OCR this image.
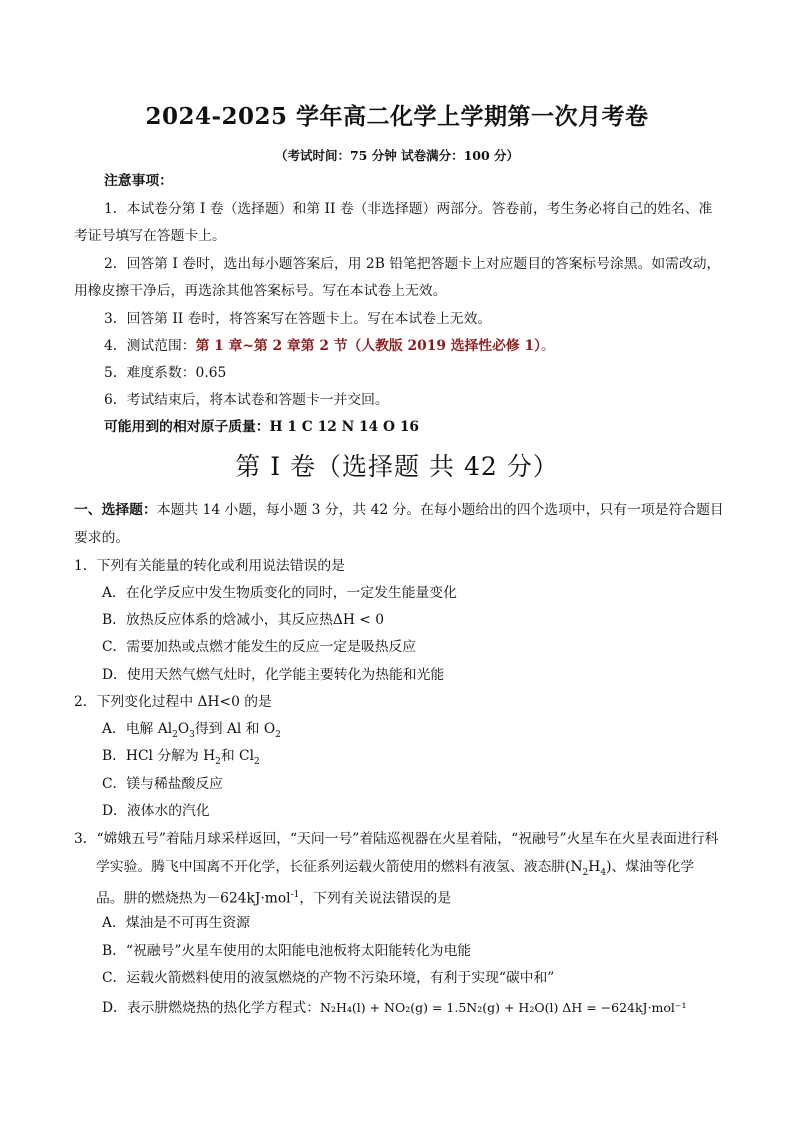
2024-2025 学年高二化学上学期第一次月考卷
（考试时间：75 分钟 试卷满分：100 分）
注意事项：
1．本试卷分第 I 卷（选择题）和第 II 卷（非选择题）两部分。答卷前，考生务必将自己的姓名、准
考证号填写在答题卡上。
2．回答第 I 卷时，选出每小题答案后，用 2B 铅笔把答题卡上对应题目的答案标号涂黑。如需改动，
用橡皮擦干净后，再选涂其他答案标号。写在本试卷上无效。
3．回答第 II 卷时，将答案写在答题卡上。写在本试卷上无效。
4．测试范围：第 1 章~第 2 章第 2 节（人教版 2019 选择性必修 1）。
5．难度系数：0.65
6．考试结束后，将本试卷和答题卡一并交回。
可能用到的相对原子质量：H 1 C 12 N 14 O 16
第 I 卷（选择题 共 42 分）
一、选择题：本题共 14 小题，每小题 3 分，共 42 分。在每小题给出的四个选项中，只有一项是符合题目
要求的。
1．下列有关能量的转化或利用说法错误的是
A．在化学反应中发生物质变化的同时，一定发生能量变化
B．放热反应体系的焓减小，其反应热ΔH < 0
C．需要加热或点燃才能发生的反应一定是吸热反应
D．使用天然气燃气灶时，化学能主要转化为热能和光能
2．下列变化过程中 ΔH<0 的是
A．电解 $Al_2O_3$得到 Al 和 $O_2$
B．HCl 分解为 $H_2$和 $Cl_2$
C．镁与稀盐酸反应
D．液体水的汽化
3．“嫦娥五号”着陆月球采样返回，“天问一号”着陆巡视器在火星着陆，“祝融号”火星车在火星表面进行科
学实验。腾飞中国离不开化学，长征系列运载火箭使用的燃料有液氢、液态肼$(N_2H_4)$、煤油等化学
品。肼的燃烧热为－624kJ·mol$^{-1}$，下列有关说法错误的是
A．煤油是不可再生资源
B．“祝融号”火星车使用的太阳能电池板将太阳能转化为电能
C．运载火箭燃料使用的液氢燃烧的产物不污染环境，有利于实现“碳中和”
D．表示肼燃烧热的热化学方程式：N₂H₄(l) + NO₂(g) = 1.5N₂(g) + H₂O(l) ΔH = −624kJ·mol⁻¹
